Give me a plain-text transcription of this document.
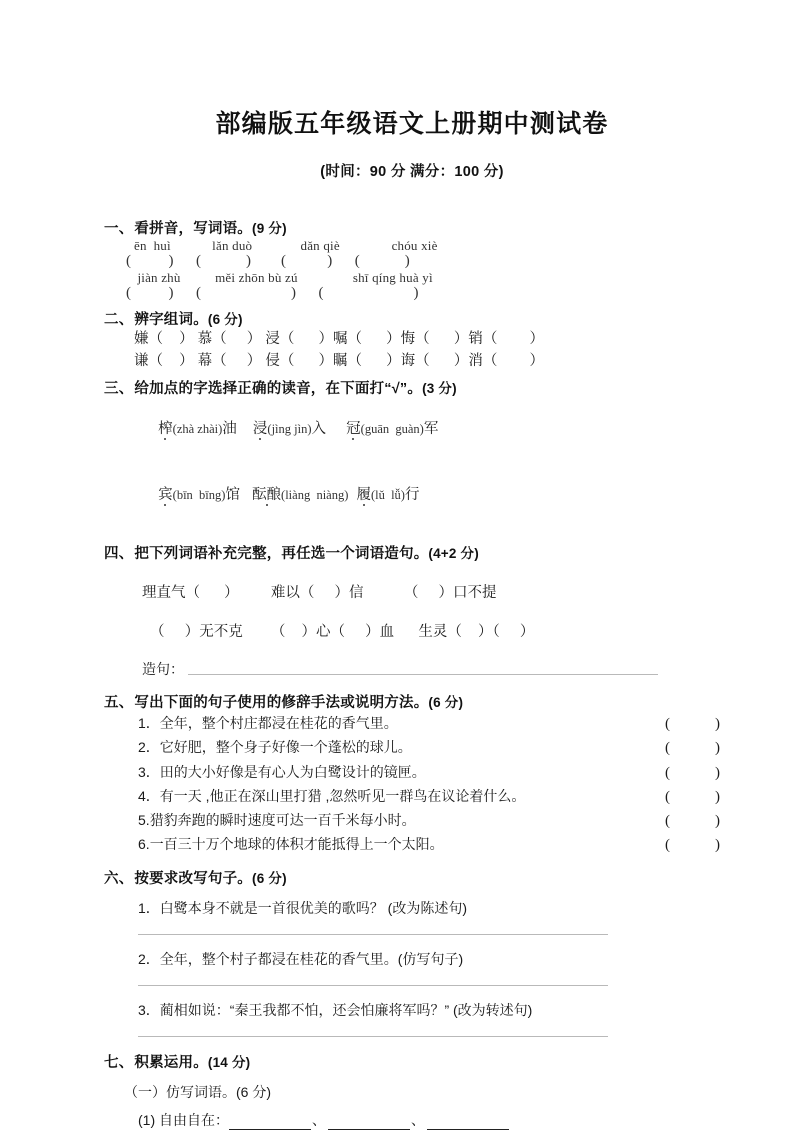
部编版五年级语文上册期中测试卷
(时间：90 分 满分：100 分)
一、看拼音，写词语。(9 分)
ēn  huì            lǎn duò              dǎn qiè               chóu xiè
(          )      (            )        (           )      (            )
jiàn zhù          měi zhōn bù zú                shī qíng huà yì
(          )      (                        )      (                        )
二、辨字组词。(6 分)
嫌（    ） 慕（     ） 浸（      ）嘱（      ）悔（      ）销（        ）
谦（    ） 幕（     ） 侵（      ）瞩（      ）诲（      ）消（        ）
三、给加点的字选择正确的读音，在下面打“√”。(3 分)

榨(zhà zhài)油 浸(jìng jìn)入 冠(guān  guàn)军

宾(bīn  bīng)馆 酝酿(liàng  niàng) 履(lǔ  lǚ)行

四、把下列词语补充完整，再任选一个词语造句。(4+2 分)
理直气（      ）        难以（     ）信          （     ）口不提
（     ）无不克       （    ）心（     ）血      生灵（    ）（     ）
造句：
五、写出下面的句子使用的修辞手法或说明方法。(6 分)
1． 全年，整个村庄都浸在桂花的香气里。	(            )
2． 它好肥，整个身子好像一个蓬松的球儿。	(            )
3． 田的大小好像是有心人为白鹭设计的镜匣。	(            )
4． 有一天 ,他正在深山里打猎 ,忽然听见一群鸟在议论着什么。	(            )
5. 猎豹奔跑的瞬时速度可达一百千米每小时。	(            )
6. 一百三十万个地球的体积才能抵得上一个太阳。	(            )
六、按要求改写句子。(6 分)
1．白鹭本身不就是一首很优美的歌吗？ (改为陈述句)
2．全年，整个村子都浸在桂花的香气里。(仿写句子)
3．蔺相如说：“秦王我都不怕，还会怕廉将军吗？” (改为转述句)
七、积累运用。(14 分)
（一）仿写词语。(6 分)
(1) 自由自在：	、	、
